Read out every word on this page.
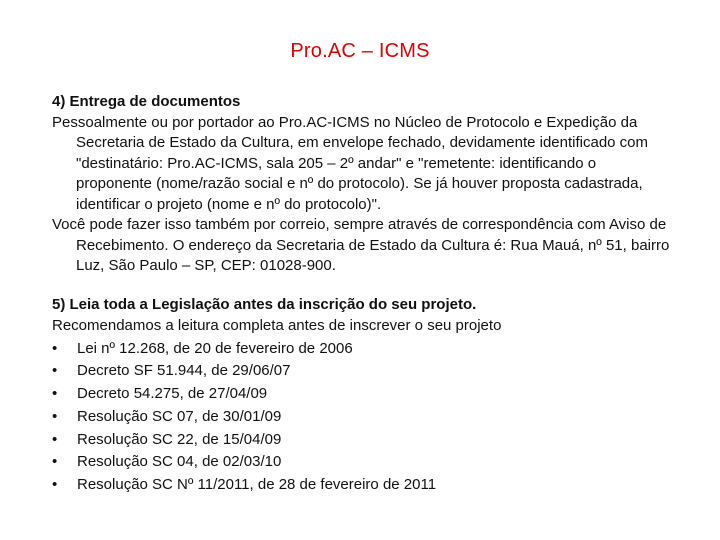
Pro.AC – ICMS
4) Entrega de documentos
Pessoalmente ou por portador ao Pro.AC-ICMS no Núcleo de Protocolo e Expedição da Secretaria de Estado da Cultura, em envelope fechado, devidamente identificado com "destinatário: Pro.AC-ICMS, sala 205 – 2º andar" e "remetente: identificando o proponente (nome/razão social e nº do protocolo). Se já houver proposta cadastrada, identificar o projeto (nome e nº do protocolo)".
Você pode fazer isso também por correio, sempre através de correspondência com Aviso de Recebimento. O endereço da Secretaria de Estado da Cultura é: Rua Mauá, nº 51, bairro Luz, São Paulo – SP, CEP: 01028-900.
5) Leia toda a Legislação antes da inscrição do seu projeto.
Recomendamos a leitura completa antes de inscrever o seu projeto
•	Lei nº 12.268, de 20 de fevereiro de 2006
•	Decreto SF 51.944, de 29/06/07
•	Decreto 54.275, de 27/04/09
•	Resolução SC 07, de 30/01/09
•	Resolução SC 22, de 15/04/09
•	Resolução SC 04, de 02/03/10
•	Resolução SC Nº 11/2011, de 28 de fevereiro de 2011
